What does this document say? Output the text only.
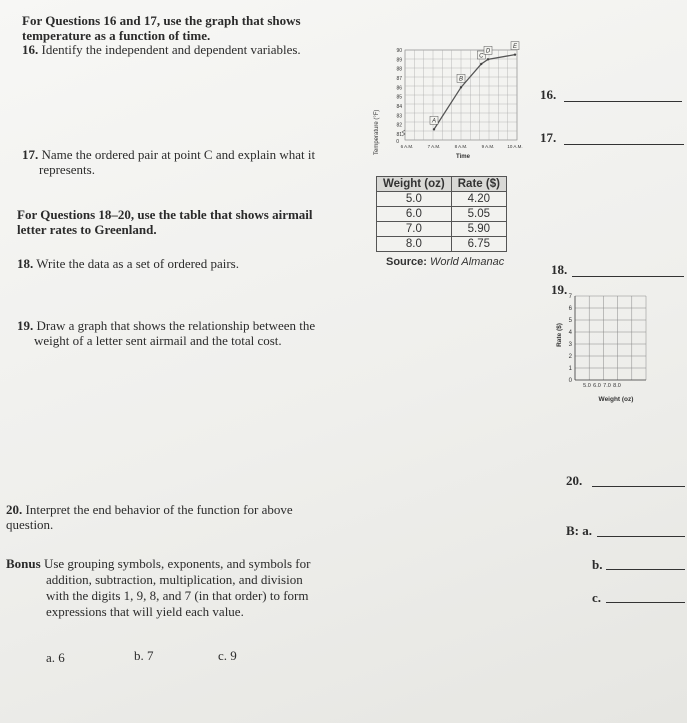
For Questions 16 and 17, use the graph that shows
temperature as a function of time.
16. Identify the independent and dependent variables.
0
81
82
83
84
85
86
87
88
89
90
6 A.M.	7 A.M.	8 A.M.	9 A.M.	10 A.M.
A
B
C
D
E
Temperature (°F)
Time
17. Name the ordered pair at point C and explain what it
represents.
16.
17.
For Questions 18–20, use the table that shows airmail
letter rates to Greenland.
Weight (oz)	Rate ($)
5.0	4.20
6.0	5.05
7.0	5.90
8.0	6.75
Source: World Almanac
18. Write the data as a set of ordered pairs.	18.
19.
19. Draw a graph that shows the relationship between the
weight of a letter sent airmail and the total cost.
0
1
2
3
4
5
6
7
5.0 6.0 7.0 8.0
Rate ($)
Weight (oz)
20.
20. Interpret the end behavior of the function for above
question.	B: a.
b.
c.
Bonus Use grouping symbols, exponents, and symbols for
addition, subtraction, multiplication, and division
with the digits 1, 9, 8, and 7 (in that order) to form
expressions that will yield each value.
a. 6	b. 7	c. 9
